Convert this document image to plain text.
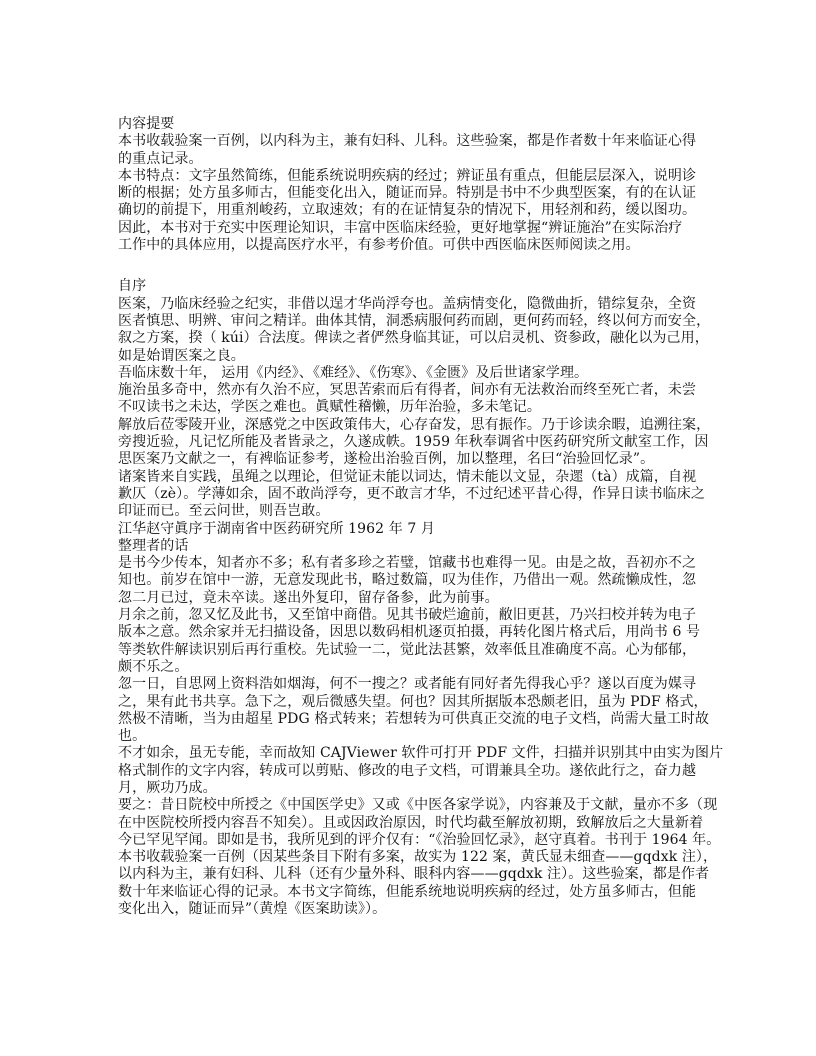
内容提要
本书收载验案一百例，以内科为主，兼有妇科、儿科。这些验案，都是作者数十年来临证心得
的重点记录。
本书特点：文字虽然简练，但能系统说明疾病的经过；辨证虽有重点，但能层层深入，说明诊
断的根据；处方虽多师古，但能变化出入，随证而异。特别是书中不少典型医案，有的在认证
确切的前提下，用重剂峻药，立取速效；有的在证情复杂的情况下，用轻剂和药，缓以图功。
因此，本书对于充实中医理论知识，丰富中医临床经验，更好地掌握“辨证施治”在实际治疗
工作中的具体应用，以提高医疗水平，有参考价值。可供中西医临床医师阅读之用。
自序
医案，乃临床经验之纪实，非借以逞才华尚浮夸也。盖病情变化，隐微曲折，错综复杂，全资
医者慎思、明辨、审问之精详。曲体其情，洞悉病服何药而剧，更何药而轻，终以何方而安全，
叙之方案，揆（ kúi）合法度。俾读之者俨然身临其证，可以启灵机、资参政，融化以为己用，
如是始谓医案之良。
吾临床数十年， 运用《内经》、《难经》、《伤寒》、《金匮》及后世诸家学理。
施治虽多奇中，然亦有久治不应，冥思苦索而后有得者，间亦有无法救治而终至死亡者，未尝
不叹读书之未达，学医之难也。眞赋性稽懒，历年治验，多未笔记。
解放后莅零陵开业，深感党之中医政策伟大，心存奋发，思有振作。乃于诊读余暇，追溯往案，
旁搜近验，凡记忆所能及者皆录之，久遂成帙。1959 年秋奉调省中医药研究所文献室工作，因
思医案乃文献之一，有裨临证参考，遂检出治验百例，加以整理，名曰“治验回忆录”。
诸案皆来自实践，虽绳之以理论，但觉证未能以词达，情未能以文显，杂遝（tà）成篇，自视
歉仄（zè）。学薄如余，固不敢尚浮夸，更不敢言才华，不过纪述平昔心得，作异日读书临床之
印证而已。至云问世，则吾岂敢。
江华赵守眞序于湖南省中医药研究所 1962 年 7 月
整理者的话
是书今少传本，知者亦不多；私有者多珍之若璧，馆藏书也难得一见。由是之故，吾初亦不之
知也。前岁在馆中一游，无意发现此书，略过数篇，叹为佳作，乃借出一观。然疏懒成性，忽
忽二月已过，竟未卒读。遂出外复印，留存备参，此为前事。
月余之前，忽又忆及此书，又至馆中商借。见其书破烂逾前，敝旧更甚，乃兴扫校并转为电子
版本之意。然余家并无扫描设备，因思以数码相机逐页拍摄，再转化图片格式后，用尚书 6 号
等类软件解读识别后再行重校。先试验一二，觉此法甚繁，效率低且准确度不高。心为郁郁，
颇不乐之。
忽一日，自思网上资料浩如烟海，何不一搜之？或者能有同好者先得我心乎？遂以百度为媒寻
之，果有此书共享。急下之，观后微感失望。何也？因其所据版本恐颇老旧，虽为 PDF 格式，
然极不清晰，当为由超星 PDG 格式转来；若想转为可供真正交流的电子文档，尚需大量工时故
也。
不才如余，虽无专能，幸而故知 CAJViewer 软件可打开 PDF 文件，扫描并识别其中由实为图片
格式制作的文字内容，转成可以剪贴、修改的电子文档，可谓兼具全功。遂依此行之，奋力越
月，厥功乃成。
要之：昔日院校中所授之《中国医学史》又或《中医各家学说》，内容兼及于文献，量亦不多（现
在中医院校所授内容吾不知矣）。且或因政治原因，时代均截至解放初期，致解放后之大量新着
今已罕见罕闻。即如是书，我所见到的评介仅有：“《治验回忆录》，赵守真着。书刊于 1964 年。
本书收载验案一百例（因某些条目下附有多案，故实为 122 案，黄氏显未细查——gqdxk 注），
以内科为主，兼有妇科、儿科（还有少量外科、眼科内容——gqdxk 注）。这些验案，都是作者
数十年来临证心得的记录。本书文字简练，但能系统地说明疾病的经过，处方虽多师古，但能
变化出入，随证而异”（黄煌《医案助读》）。
